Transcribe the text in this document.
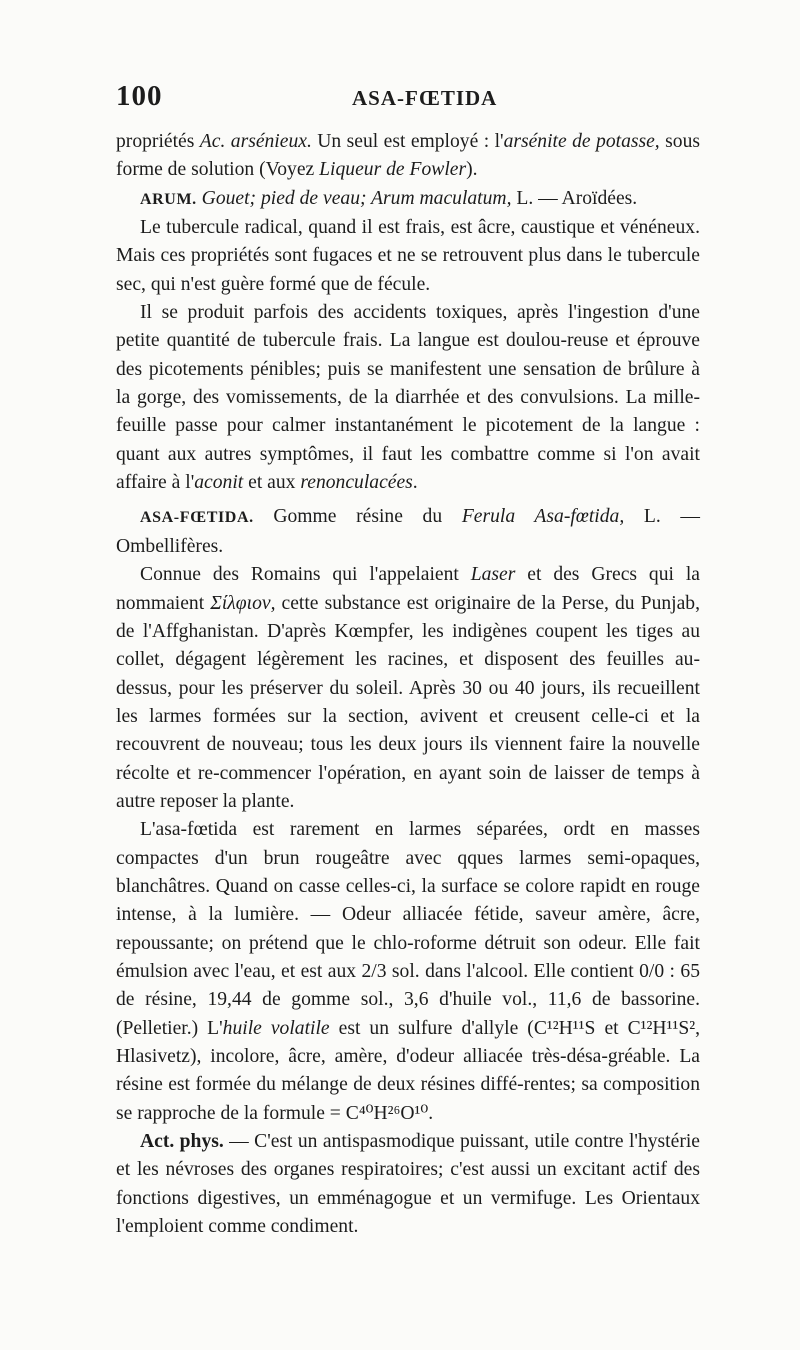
100	ASA-FŒTIDA

propriétés Ac. arsénieux. Un seul est employé : l'arsénite de potasse, sous forme de solution (Voyez Liqueur de Fowler).

ARUM. Gouet; pied de veau; Arum maculatum, L. — Aroïdées.

Le tubercule radical, quand il est frais, est âcre, caustique et vénéneux. Mais ces propriétés sont fugaces et ne se retrouvent plus dans le tubercule sec, qui n'est guère formé que de fécule.

Il se produit parfois des accidents toxiques, après l'ingestion d'une petite quantité de tubercule frais. La langue est doulou-reuse et éprouve des picotements pénibles; puis se manifestent une sensation de brûlure à la gorge, des vomissements, de la diarrhée et des convulsions. La mille-feuille passe pour calmer instantanément le picotement de la langue : quant aux autres symptômes, il faut les combattre comme si l'on avait affaire à l'aconit et aux renonculacées.

ASA-FŒTIDA. Gomme résine du Ferula Asa-fœtida, L. — Ombellifères.

Connue des Romains qui l'appelaient Laser et des Grecs qui la nommaient Σίλφιον, cette substance est originaire de la Perse, du Punjab, de l'Affghanistan. D'après Kœmpfer, les indigènes coupent les tiges au collet, dégagent légèrement les racines, et disposent des feuilles au-dessus, pour les préserver du soleil. Après 30 ou 40 jours, ils recueillent les larmes formées sur la section, avivent et creusent celle-ci et la recouvrent de nouveau; tous les deux jours ils viennent faire la nouvelle récolte et re-commencer l'opération, en ayant soin de laisser de temps à autre reposer la plante.

L'asa-fœtida est rarement en larmes séparées, ordt en masses compactes d'un brun rougeâtre avec qques larmes semi-opaques, blanchâtres. Quand on casse celles-ci, la surface se colore rapidt en rouge intense, à la lumière. — Odeur alliacée fétide, saveur amère, âcre, repoussante; on prétend que le chlo-roforme détruit son odeur. Elle fait émulsion avec l'eau, et est aux 2/3 sol. dans l'alcool. Elle contient 0/0 : 65 de résine, 19,44 de gomme sol., 3,6 d'huile vol., 11,6 de bassorine. (Pelletier.) L'huile volatile est un sulfure d'allyle (C¹²H¹¹S et C¹²H¹¹S², Hlasivetz), incolore, âcre, amère, d'odeur alliacée très-désa-gréable. La résine est formée du mélange de deux résines diffé-rentes; sa composition se rapproche de la formule = C⁴⁰H²⁶O¹⁰.

Act. phys. — C'est un antispasmodique puissant, utile contre l'hystérie et les névroses des organes respiratoires; c'est aussi un excitant actif des fonctions digestives, un emménagogue et un vermifuge. Les Orientaux l'emploient comme condiment.
